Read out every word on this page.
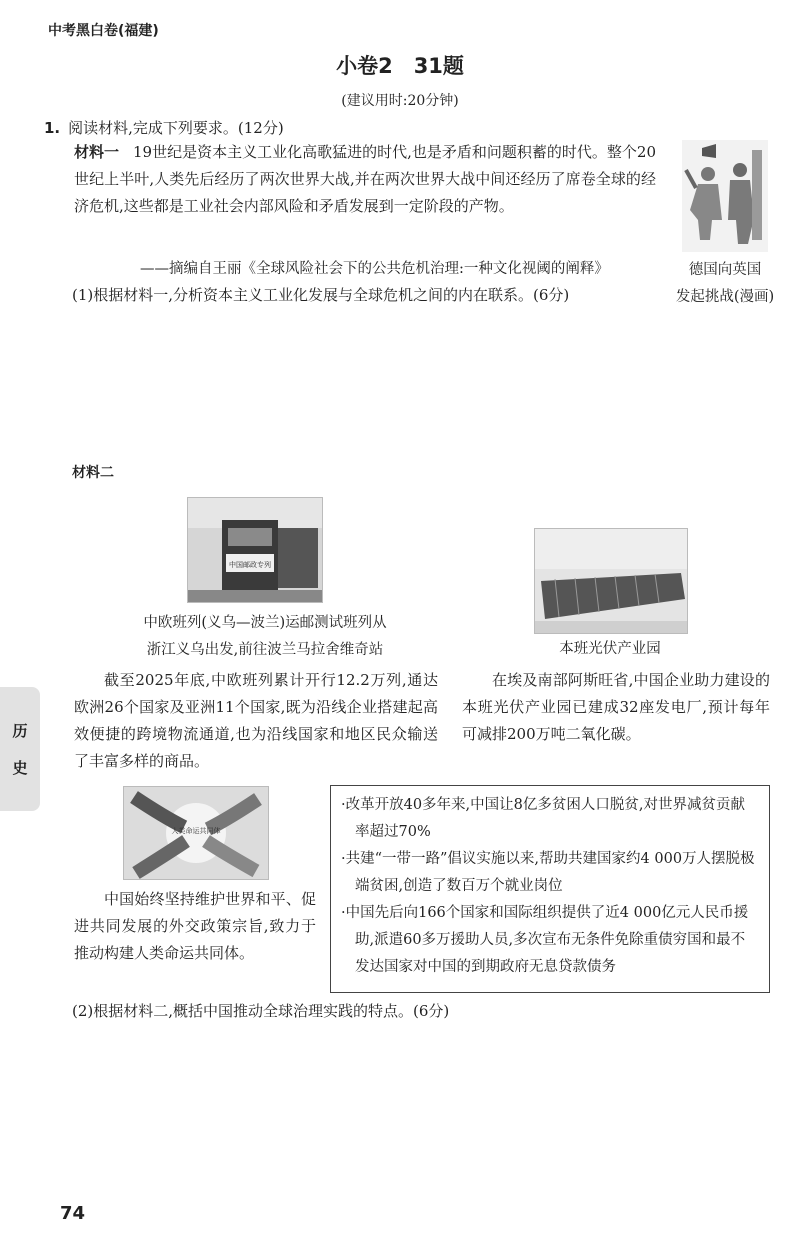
中考黑白卷(福建)
小卷2　31题
(建议用时:20分钟)
1. 阅读材料,完成下列要求。(12分)
材料一 19世纪是资本主义工业化高歌猛进的时代,也是矛盾和问题积蓄的时代。整个20世纪上半叶,人类先后经历了两次世界大战,并在两次世界大战中间还经历了席卷全球的经济危机,这些都是工业社会内部风险和矛盾发展到一定阶段的产物。
——摘编自王丽《全球风险社会下的公共危机治理:一种文化视阈的阐释》	德国向英国
发起挑战(漫画)
(1)根据材料一,分析资本主义工业化发展与全球危机之间的内在联系。(6分)
材料二
中国邮政专列
中欧班列(义乌—波兰)运邮测试班列从
浙江义乌出发,前往波兰马拉舍维奇站	本班光伏产业园
截至2025年底,中欧班列累计开行12.2万列,通达欧洲26个国家及亚洲11个国家,既为沿线企业搭建起高效便捷的跨境物流通道,也为沿线国家和地区民众输送了丰富多样的商品。
在埃及南部阿斯旺省,中国企业助力建设的本班光伏产业园已建成32座发电厂,预计每年可减排200万吨二氧化碳。
人类命运共同体
中国始终坚持维护世界和平、促进共同发展的外交政策宗旨,致力于推动构建人类命运共同体。
·改革开放40多年来,中国让8亿多贫困人口脱贫,对世界减贫贡献率超过70%
·共建“一带一路”倡议实施以来,帮助共建国家约4 000万人摆脱极端贫困,创造了数百万个就业岗位
·中国先后向166个国家和国际组织提供了近4 000亿元人民币援助,派遣60多万援助人员,多次宣布无条件免除重债穷国和最不发达国家对中国的到期政府无息贷款债务
(2)根据材料二,概括中国推动全球治理实践的特点。(6分)
历
史
74
